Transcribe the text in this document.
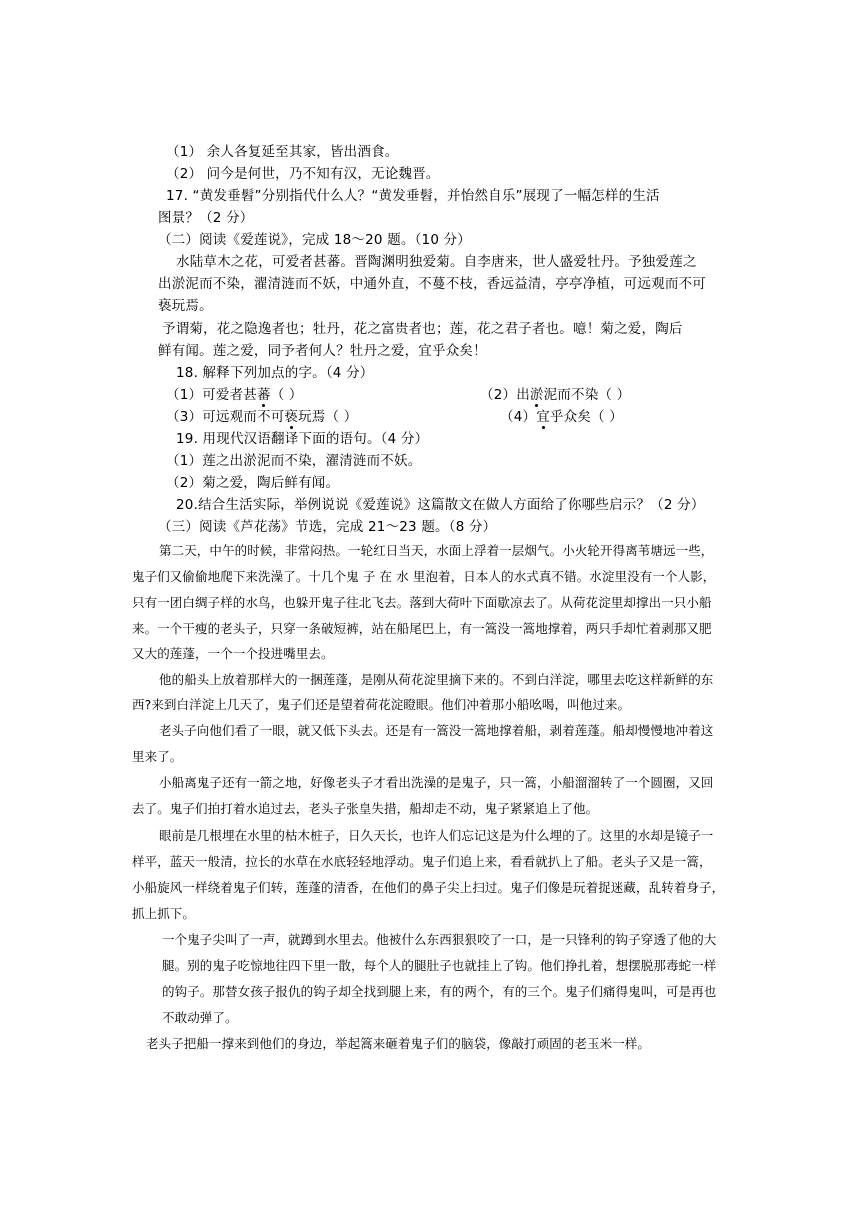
（1） 余人各复延至其家，皆出酒食。
（2） 问今是何世，乃不知有汉，无论魏晋。
17. “黄发垂髫”分别指代什么人？“黄发垂髫，并怡然自乐”展现了一幅怎样的生活
图景？（2 分）
（二）阅读《爱莲说》，完成 18～20 题。（10 分）
水陆草木之花，可爱者甚蕃。晋陶渊明独爱菊。自李唐来，世人盛爱牡丹。予独爱莲之
出淤泥而不染，濯清涟而不妖，中通外直，不蔓不枝，香远益清，亭亭净植，可远观而不可
亵玩焉。
予谓菊，花之隐逸者也；牡丹，花之富贵者也；莲，花之君子者也。噫！菊之爱，陶后
鲜有闻。莲之爱，同予者何人？牡丹之爱，宜乎众矣！
18. 解释下列加点的字。（4 分）
（1）可爱者甚蕃（ ）	（2）出淤泥而不染（ ）
（3）可远观而不可亵玩焉（ ）	（4）宜乎众矣（ ）
19. 用现代汉语翻译下面的语句。（4 分）
（1）莲之出淤泥而不染，濯清涟而不妖。
（2）菊之爱，陶后鲜有闻。
20.结合生活实际，举例说说《爱莲说》这篇散文在做人方面给了你哪些启示？（2 分）
（三）阅读《芦花荡》节选，完成 21～23 题。（8 分）
第二天，中午的时候，非常闷热。一轮红日当天，水面上浮着一层烟气。小火轮开得离苇塘远一些，
鬼子们又偷偷地爬下来洗澡了。十几个鬼 子 在 水 里泡着，日本人的水式真不错。水淀里没有一个人影，
只有一团白绸子样的水鸟，也躲开鬼子往北飞去。落到大荷叶下面歇凉去了。从荷花淀里却撑出一只小船
来。一个干瘦的老头子，只穿一条破短裤，站在船尾巴上，有一篙没一篙地撑着，两只手却忙着剥那又肥
又大的莲蓬，一个一个投进嘴里去。
他的船头上放着那样大的一捆莲蓬，是刚从荷花淀里摘下来的。不到白洋淀，哪里去吃这样新鲜的东
西?来到白洋淀上几天了，鬼子们还是望着荷花淀瞪眼。他们冲着那小船吆喝，叫他过来。
老头子向他们看了一眼，就又低下头去。还是有一篙没一篙地撑着船，剥着莲蓬。船却慢慢地冲着这
里来了。
小船离鬼子还有一箭之地，好像老头子才看出洗澡的是鬼子，只一篙，小船溜溜转了一个圆圈，又回
去了。鬼子们拍打着水追过去，老头子张皇失措，船却走不动，鬼子紧紧追上了他。
眼前是几根埋在水里的枯木桩子，日久天长，也许人们忘记这是为什么埋的了。这里的水却是镜子一
样平，蓝天一般清，拉长的水草在水底轻轻地浮动。鬼子们追上来，看看就扒上了船。老头子又是一篙，
小船旋风一样绕着鬼子们转，莲蓬的清香，在他们的鼻子尖上扫过。鬼子们像是玩着捉迷藏，乱转着身子，
抓上抓下。
一个鬼子尖叫了一声，就蹲到水里去。他被什么东西狠狠咬了一口，是一只锋利的钩子穿透了他的大
腿。别的鬼子吃惊地往四下里一散，每个人的腿肚子也就挂上了钩。他们挣扎着，想摆脱那毒蛇一样
的钩子。那替女孩子报仇的钩子却全找到腿上来，有的两个，有的三个。鬼子们痛得鬼叫，可是再也
不敢动弹了。
老头子把船一撑来到他们的身边，举起篙来砸着鬼子们的脑袋，像敲打顽固的老玉米一样。
